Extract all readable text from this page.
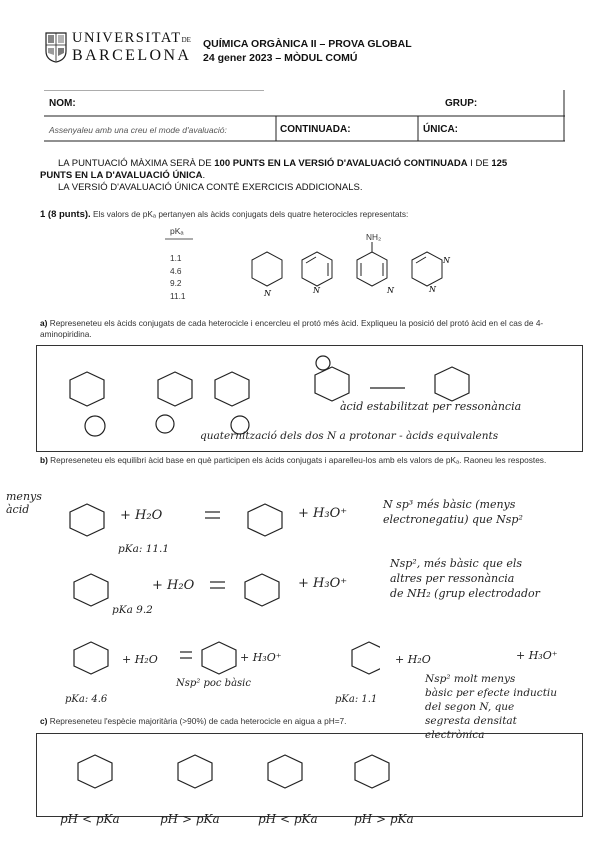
UNIVERSITATDE
BARCELONA
QUÍMICA ORGÀNICA II – PROVA GLOBAL
24 gener 2023 – MÒDUL COMÚ
NOM:	GRUP:
Assenyaleu amb una creu el mode d'avaluació:	CONTINUADA:	ÚNICA:
LA PUNTUACIÓ MÀXIMA SERÀ DE 100 PUNTS EN LA VERSIÓ D'AVALUACIÓ CONTINUADA I DE 125
PUNTS EN LA D'AVALUACIÓ ÚNICA.
LA VERSIÓ D'AVALUACIÓ ÚNICA CONTÉ EXERCICIS ADDICIONALS.
1 (8 punts). Els valors de pKₐ pertanyen als àcids conjugats dels quatre heterocicles representats:
pKₐ
1.1
4.6
9.2
11.1	N	N	N
N
N
NH₂
a) Represeneteu els àcids conjugats de cada heterocicle i encercleu el protó més àcid. Expliqueu la posició del protó àcid en el cas de 4-aminopiridina.
àcid estabilitzat per ressonància
quaternització dels dos N a protonar - àcids equivalents
b) Represeneteu els equilibri àcid base en què participen els àcids conjugats i aparelleu-los amb els valors de pKₐ. Raoneu les respostes.
menys
àcid	+ H₂O	+ H₃O⁺
pKa: 11.1
N sp³ més bàsic (menys
electronegatiu) que Nsp²
+ H₂O	+ H₃O⁺
pKa 9.2
Nsp², més bàsic que els
altres per ressonància
de NH₂ (grup electrodador
+ H₂O	+ H₃O⁺
Nsp² poc bàsic
pKa: 4.6
+ H₂O	+ H₃O⁺
pKa: 1.1
Nsp² molt menys
bàsic per efecte inductiu
del segon N, que
segresta densitat
electrònica
c) Represeneteu l'espècie majoritària (>90%) de cada heterocicle en aigua a pH=7.
pH < pKa	pH > pKa	pH < pKa	pH > pKa
